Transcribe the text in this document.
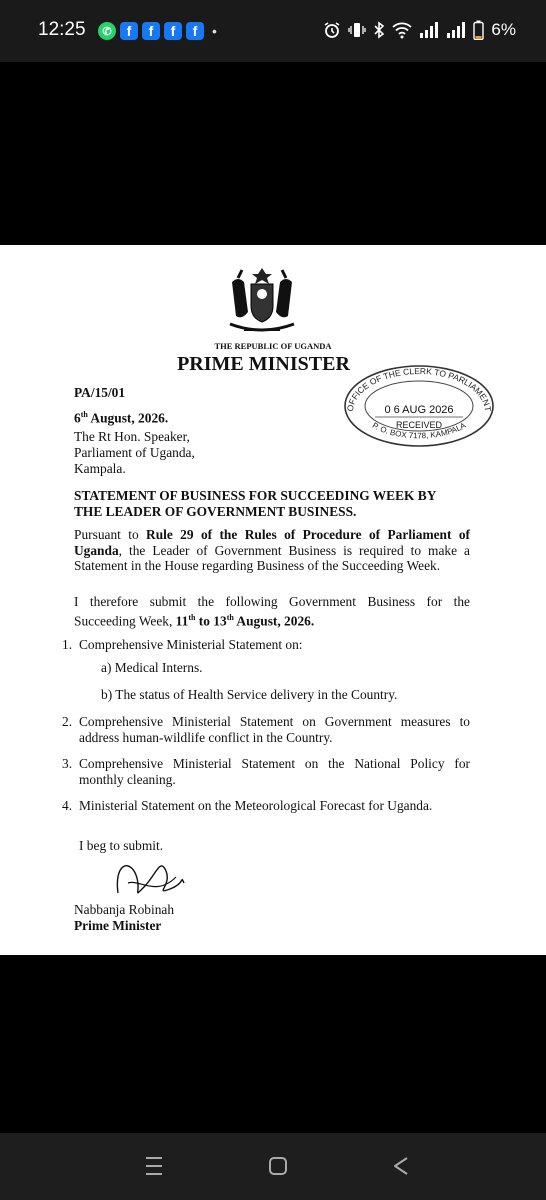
12:25	✆	f	f	f	f	•	6%
THE REPUBLIC OF UGANDA
PRIME MINISTER
PA/15/01
6th August, 2026.
The Rt Hon. Speaker,
Parliament of Uganda,
Kampala.
STATEMENT OF BUSINESS FOR SUCCEEDING WEEK BY
THE LEADER OF GOVERNMENT BUSINESS.

Pursuant to Rule 29 of the Rules of Procedure of Parliament of Uganda, the Leader of Government Business is required to make a Statement in the House regarding Business of the Succeeding Week.

I therefore submit the following Government Business for the Succeeding Week, 11th to 13th August, 2026.

1. Comprehensive Ministerial Statement on:
a) Medical Interns.
b) The status of Health Service delivery in the Country.
2. Comprehensive Ministerial Statement on Government measures to address human-wildlife conflict in the Country.

3. Comprehensive Ministerial Statement on the National Policy for monthly cleaning.

4. Ministerial Statement on the Meteorological Forecast for Uganda.

I beg to submit.
Nabbanja Robinah
Prime Minister
OFFICE OF THE CLERK TO PARLIAMENT
P. O. BOX 7178, KAMPALA
0 6 AUG 2026
RECEIVED
